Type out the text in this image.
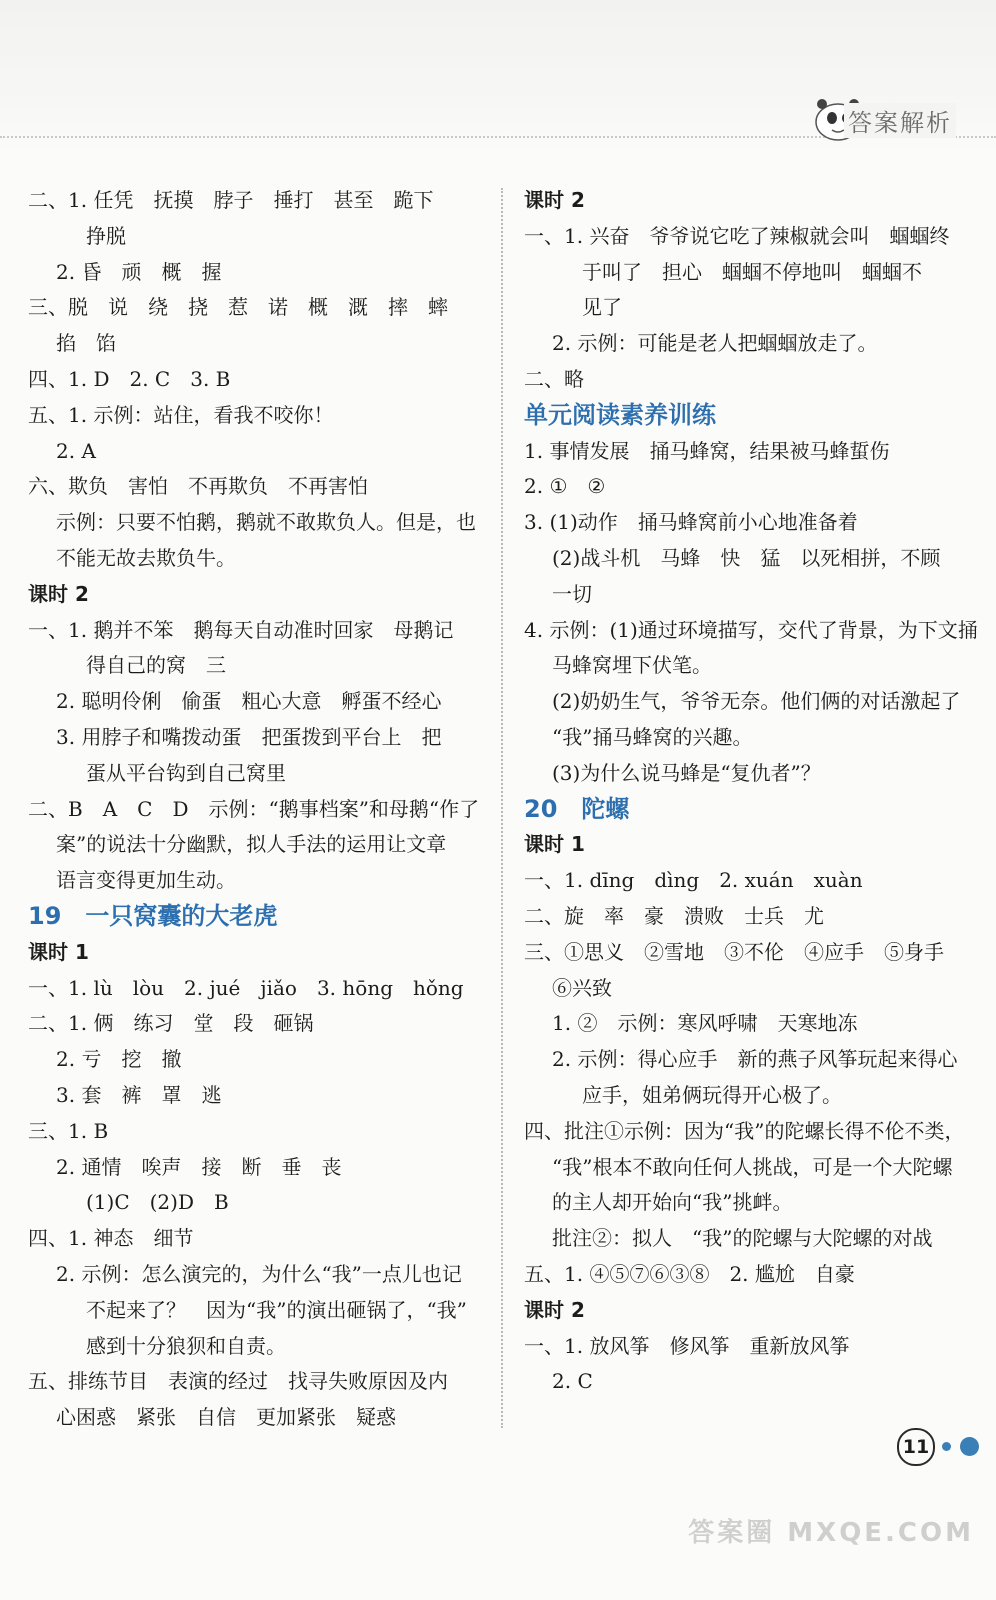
答案解析
二、1. 任凭　抚摸　脖子　捶打　甚至　跪下
挣脱
2. 昏　顽　概　握
三、脱　说　绕　挠　惹　诺　概　溉　摔　蟀
掐　馅
四、1. D　2. C　3. B
五、1. 示例：站住，看我不咬你！
2. A
六、欺负　害怕　不再欺负　不再害怕
示例：只要不怕鹅，鹅就不敢欺负人。但是，也
不能无故去欺负牛。
课时 2
一、1. 鹅并不笨　鹅每天自动准时回家　母鹅记
得自己的窝　三
2. 聪明伶俐　偷蛋　粗心大意　孵蛋不经心
3. 用脖子和嘴拨动蛋　把蛋拨到平台上　把
蛋从平台钩到自己窝里
二、B　A　C　D　示例：“鹅事档案”和母鹅“作了
案”的说法十分幽默，拟人手法的运用让文章
语言变得更加生动。
19　一只窝囊的大老虎
课时 1
一、1. lù　lòu　2. jué　jiǎo　3. hōng　hǒng
二、1. 俩　练习　堂　段　砸锅
2. 亏　挖　撤
3. 套　裤　罩　逃
三、1. B
2. 通情　唉声　接　断　垂　丧
(1)C　(2)D　B
四、1. 神态　细节
2. 示例：怎么演完的，为什么“我”一点儿也记
不起来了？　因为“我”的演出砸锅了，“我”
感到十分狼狈和自责。
五、排练节目　表演的经过　找寻失败原因及内
心困惑　紧张　自信　更加紧张　疑惑
课时 2
一、1. 兴奋　爷爷说它吃了辣椒就会叫　蝈蝈终
于叫了　担心　蝈蝈不停地叫　蝈蝈不
见了
2. 示例：可能是老人把蝈蝈放走了。
二、略
单元阅读素养训练
1. 事情发展　捅马蜂窝，结果被马蜂蜇伤
2. ①　②
3. (1)动作　捅马蜂窝前小心地准备着
(2)战斗机　马蜂　快　猛　以死相拼，不顾
一切
4. 示例：(1)通过环境描写，交代了背景，为下文捅
马蜂窝埋下伏笔。
(2)奶奶生气，爷爷无奈。他们俩的对话激起了
“我”捅马蜂窝的兴趣。
(3)为什么说马蜂是“复仇者”？
20　陀螺
课时 1
一、1. dīng　dìng　2. xuán　xuàn
二、旋　率　豪　溃败　士兵　尤
三、①思义　②雪地　③不伦　④应手　⑤身手
⑥兴致
1. ②　示例：寒风呼啸　天寒地冻
2. 示例：得心应手　新的燕子风筝玩起来得心
应手，姐弟俩玩得开心极了。
四、批注①示例：因为“我”的陀螺长得不伦不类，
“我”根本不敢向任何人挑战，可是一个大陀螺
的主人却开始向“我”挑衅。
批注②：拟人　“我”的陀螺与大陀螺的对战
五、1. ④⑤⑦⑥③⑧　2. 尴尬　自豪
课时 2
一、1. 放风筝　修风筝　重新放风筝
2. C
11
答案圈 MXQE.COM
